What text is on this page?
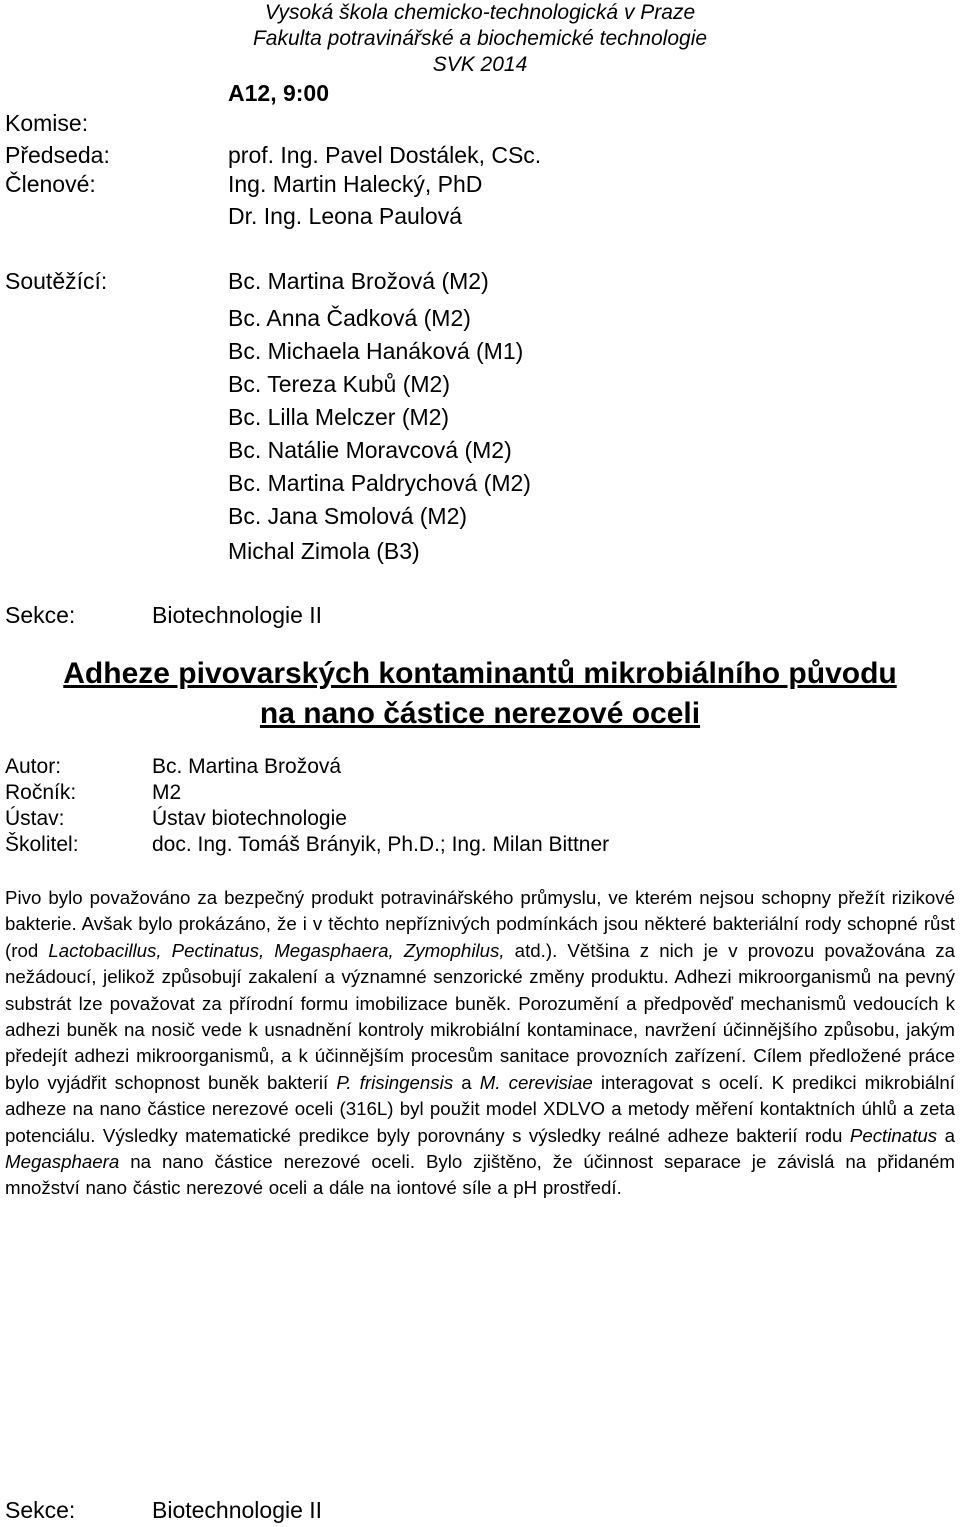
Vysoká škola chemicko-technologická v Praze
Fakulta potravinářské a biochemické technologie
SVK 2014
A12, 9:00
Komise:
Předseda:	prof. Ing. Pavel Dostálek, CSc.
Členové:	Ing. Martin Halecký, PhD
Dr. Ing. Leona Paulová
Soutěžící:	Bc. Martina Brožová (M2)
Bc. Anna Čadková (M2)
Bc. Michaela Hanáková (M1)
Bc. Tereza Kubů (M2)
Bc. Lilla Melczer (M2)
Bc. Natálie Moravcová (M2)
Bc. Martina Paldrychová (M2)
Bc. Jana Smolová (M2)
Michal Zimola (B3)
Sekce:	Biotechnologie II
Adheze pivovarských kontaminantů mikrobiálního původu
na nano částice nerezové oceli
Autor:	Bc. Martina Brožová
Ročník:	M2
Ústav:	Ústav biotechnologie
Školitel:	doc. Ing. Tomáš Brányik, Ph.D.; Ing. Milan Bittner
Pivo bylo považováno za bezpečný produkt potravinářského průmyslu, ve kterém nejsou schopny přežít rizikové bakterie. Avšak bylo prokázáno, že i v těchto nepříznivých podmínkách jsou některé bakteriální rody schopné růst (rod Lactobacillus, Pectinatus, Megasphaera, Zymophilus, atd.). Většina z nich je v provozu považována za nežádoucí, jelikož způsobují zakalení a významné senzorické změny produktu. Adhezi mikroorganismů na pevný substrát lze považovat za přírodní formu imobilizace buněk. Porozumění a předpověď mechanismů vedoucích k adhezi buněk na nosič vede k usnadnění kontroly mikrobiální kontaminace, navržení účinnějšího způsobu, jakým předejít adhezi mikroorganismů, a k účinnějším procesům sanitace provozních zařízení. Cílem předložené práce bylo vyjádřit schopnost buněk bakterií P. frisingensis a M. cerevisiae interagovat s ocelí. K predikci mikrobiální adheze na nano částice nerezové oceli (316L) byl použit model XDLVO a metody měření kontaktních úhlů a zeta potenciálu. Výsledky matematické predikce byly porovnány s výsledky reálné adheze bakterií rodu Pectinatus a Megasphaera na nano částice nerezové oceli. Bylo zjištěno, že účinnost separace je závislá na přidaném množství nano částic nerezové oceli a dále na iontové síle a pH prostředí.
Sekce:	Biotechnologie II
